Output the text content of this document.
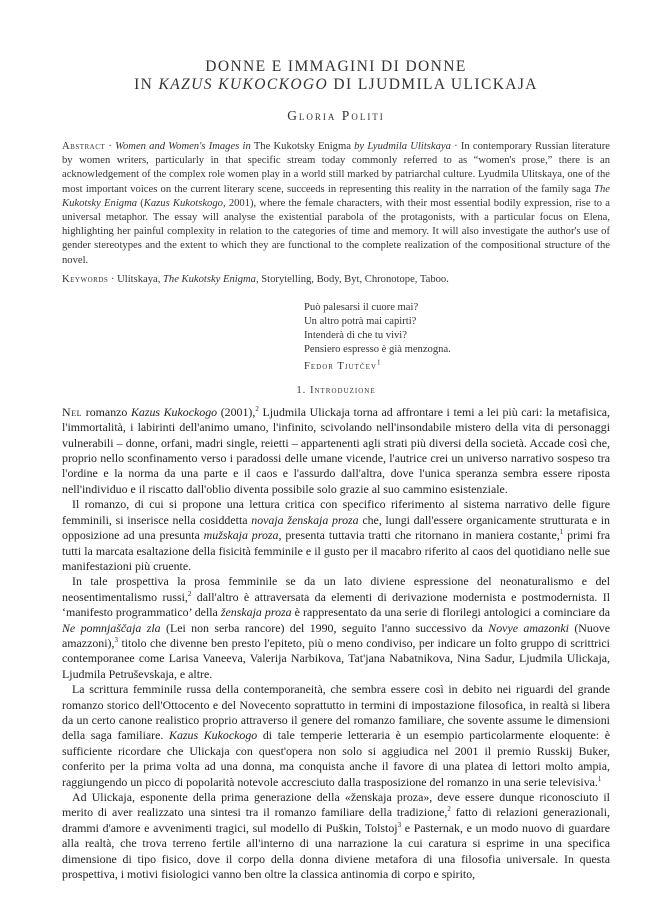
DONNE E IMMAGINI DI DONNE
IN KAZUS KUKOCKOGO DI LJUDMILA ULICKAJA
Gloria Politi
Abstract · Women and Women's Images in The Kukotsky Enigma by Lyudmila Ulitskaya · In contemporary Russian literature by women writers, particularly in that specific stream today commonly referred to as “women's prose,” there is an acknowledgement of the complex role women play in a world still marked by patriarchal culture. Lyudmila Ulitskaya, one of the most important voices on the current literary scene, succeeds in representing this reality in the narration of the family saga The Kukotsky Enigma (Kazus Kukotskogo, 2001), where the female characters, with their most essential bodily expression, rise to a universal metaphor. The essay will analyse the existential parabola of the protagonists, with a particular focus on Elena, highlighting her painful complexity in relation to the categories of time and memory. It will also investigate the author's use of gender stereotypes and the extent to which they are functional to the complete realization of the compositional structure of the novel.
Keywords · Ulitskaya, The Kukotsky Enigma, Storytelling, Body, Byt, Chronotope, Taboo.
Può palesarsi il cuore mai?
Un altro potrà mai capirti?
Intenderà di che tu vivi?
Pensiero espresso è già menzogna.
Fedor Tjutčev$^1$
1. Introduzione

Nel romanzo Kazus Kukockogo (2001),$^2$ Ljudmila Ulickaja torna ad affrontare i temi a lei più cari: la metafisica, l'immortalità, i labirinti dell'animo umano, l'infinito, scivolando nell'insondabile mistero della vita di personaggi vulnerabili – donne, orfani, madri single, reietti – appartenenti agli strati più diversi della società. Accade così che, proprio nello sconfinamento verso i paradossi delle umane vicende, l'autrice crei un universo narrativo sospeso tra l'ordine e la norma da una parte e il caos e l'assurdo dall'altra, dove l'unica speranza sembra essere riposta nell'individuo e il riscatto dall'oblio diventa possibile solo grazie al suo cammino esistenziale.

Il romanzo, di cui si propone una lettura critica con specifico riferimento al sistema narrativo delle figure femminili, si inserisce nella cosiddetta novaja ženskaja proza che, lungi dall'essere organicamente strutturata e in opposizione ad una presunta mužskaja proza, presenta tuttavia tratti che ritornano in maniera costante,$^1$ primi fra tutti la marcata esaltazione della fisicità femminile e il gusto per il macabro riferito al caos del quotidiano nelle sue manifestazioni più cruente.

In tale prospettiva la prosa femminile se da un lato diviene espressione del neonaturalismo e del neosentimentalismo russi,$^2$ dall'altro è attraversata da elementi di derivazione modernista e postmodernista. Il ‘manifesto programmatico’ della ženskaja proza è rappresentato da una serie di florilegi antologici a cominciare da Ne pomnjaščaja zla (Lei non serba rancore) del 1990, seguito l'anno successivo da Novye amazonki (Nuove amazzoni),$^3$ titolo che divenne ben presto l'epiteto, più o meno condiviso, per indicare un folto gruppo di scrittrici contemporanee come Larisa Vaneeva, Valerija Narbikova, Tat'jana Nabatnikova, Nina Sadur, Ljudmila Ulickaja, Ljudmila Petruševskaja, e altre.

La scrittura femminile russa della contemporaneità, che sembra essere così in debito nei riguardi del grande romanzo storico dell'Ottocento e del Novecento soprattutto in termini di impostazione filosofica, in realtà si libera da un certo canone realistico proprio attraverso il genere del romanzo familiare, che sovente assume le dimensioni della saga familiare. Kazus Kukockogo di tale temperie letteraria è un esempio particolarmente eloquente: è sufficiente ricordare che Ulickaja con quest'opera non solo si aggiudica nel 2001 il premio Russkij Buker, conferito per la prima volta ad una donna, ma conquista anche il favore di una platea di lettori molto ampia, raggiungendo un picco di popolarità notevole accresciuto dalla trasposizione del romanzo in una serie televisiva.$^1$

Ad Ulickaja, esponente della prima generazione della «ženskaja proza», deve essere dunque riconosciuto il merito di aver realizzato una sintesi tra il romanzo familiare della tradizione,$^2$ fatto di relazioni generazionali, drammi d'amore e avvenimenti tragici, sul modello di Puškin, Tolstoj$^3$ e Pasternak, e un modo nuovo di guardare alla realtà, che trova terreno fertile all'interno di una narrazione la cui caratura si esprime in una specifica dimensione di tipo fisico, dove il corpo della donna diviene metafora di una filosofia universale. In questa prospettiva, i motivi fisiologici vanno ben oltre la classica antinomia di corpo e spirito,
